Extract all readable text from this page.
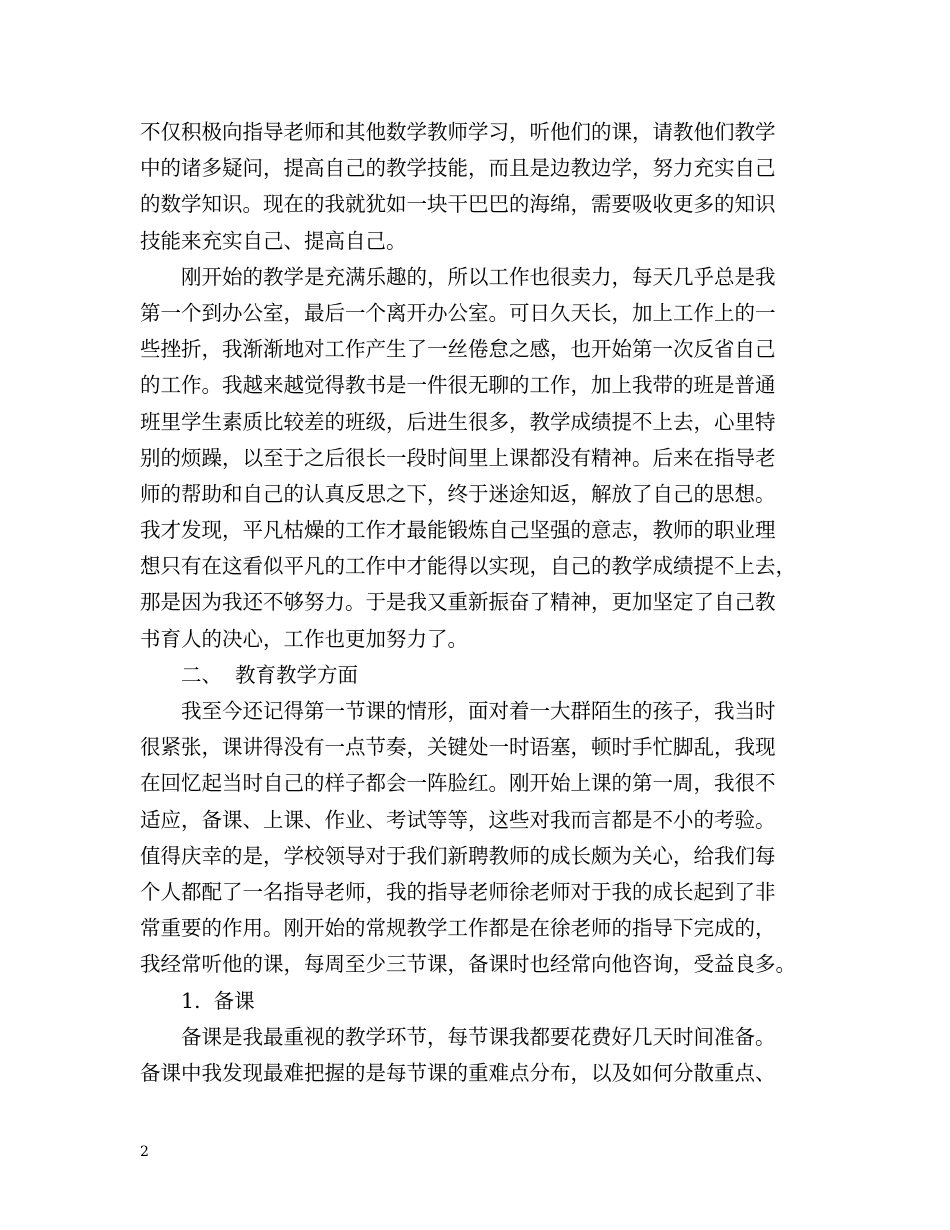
不仅积极向指导老师和其他数学教师学习，听他们的课，请教他们教学
中的诸多疑问，提高自己的教学技能，而且是边教边学，努力充实自己
的数学知识。现在的我就犹如一块干巴巴的海绵，需要吸收更多的知识
技能来充实自己、提高自己。
刚开始的教学是充满乐趣的，所以工作也很卖力，每天几乎总是我
第一个到办公室，最后一个离开办公室。可日久天长，加上工作上的一
些挫折，我渐渐地对工作产生了一丝倦怠之感，也开始第一次反省自己
的工作。我越来越觉得教书是一件很无聊的工作，加上我带的班是普通
班里学生素质比较差的班级，后进生很多，教学成绩提不上去，心里特
别的烦躁，以至于之后很长一段时间里上课都没有精神。后来在指导老
师的帮助和自己的认真反思之下，终于迷途知返，解放了自己的思想。
我才发现，平凡枯燥的工作才最能锻炼自己坚强的意志，教师的职业理
想只有在这看似平凡的工作中才能得以实现，自己的教学成绩提不上去，
那是因为我还不够努力。于是我又重新振奋了精神，更加坚定了自己教
书育人的决心，工作也更加努力了。
二、  教育教学方面
我至今还记得第一节课的情形，面对着一大群陌生的孩子，我当时
很紧张，课讲得没有一点节奏，关键处一时语塞，顿时手忙脚乱，我现
在回忆起当时自己的样子都会一阵脸红。刚开始上课的第一周，我很不
适应，备课、上课、作业、考试等等，这些对我而言都是不小的考验。
值得庆幸的是，学校领导对于我们新聘教师的成长颇为关心，给我们每
个人都配了一名指导老师，我的指导老师徐老师对于我的成长起到了非
常重要的作用。刚开始的常规教学工作都是在徐老师的指导下完成的，
我经常听他的课，每周至少三节课，备课时也经常向他咨询，受益良多。
1.  备课
备课是我最重视的教学环节，每节课我都要花费好几天时间准备。
备课中我发现最难把握的是每节课的重难点分布，以及如何分散重点、
2
